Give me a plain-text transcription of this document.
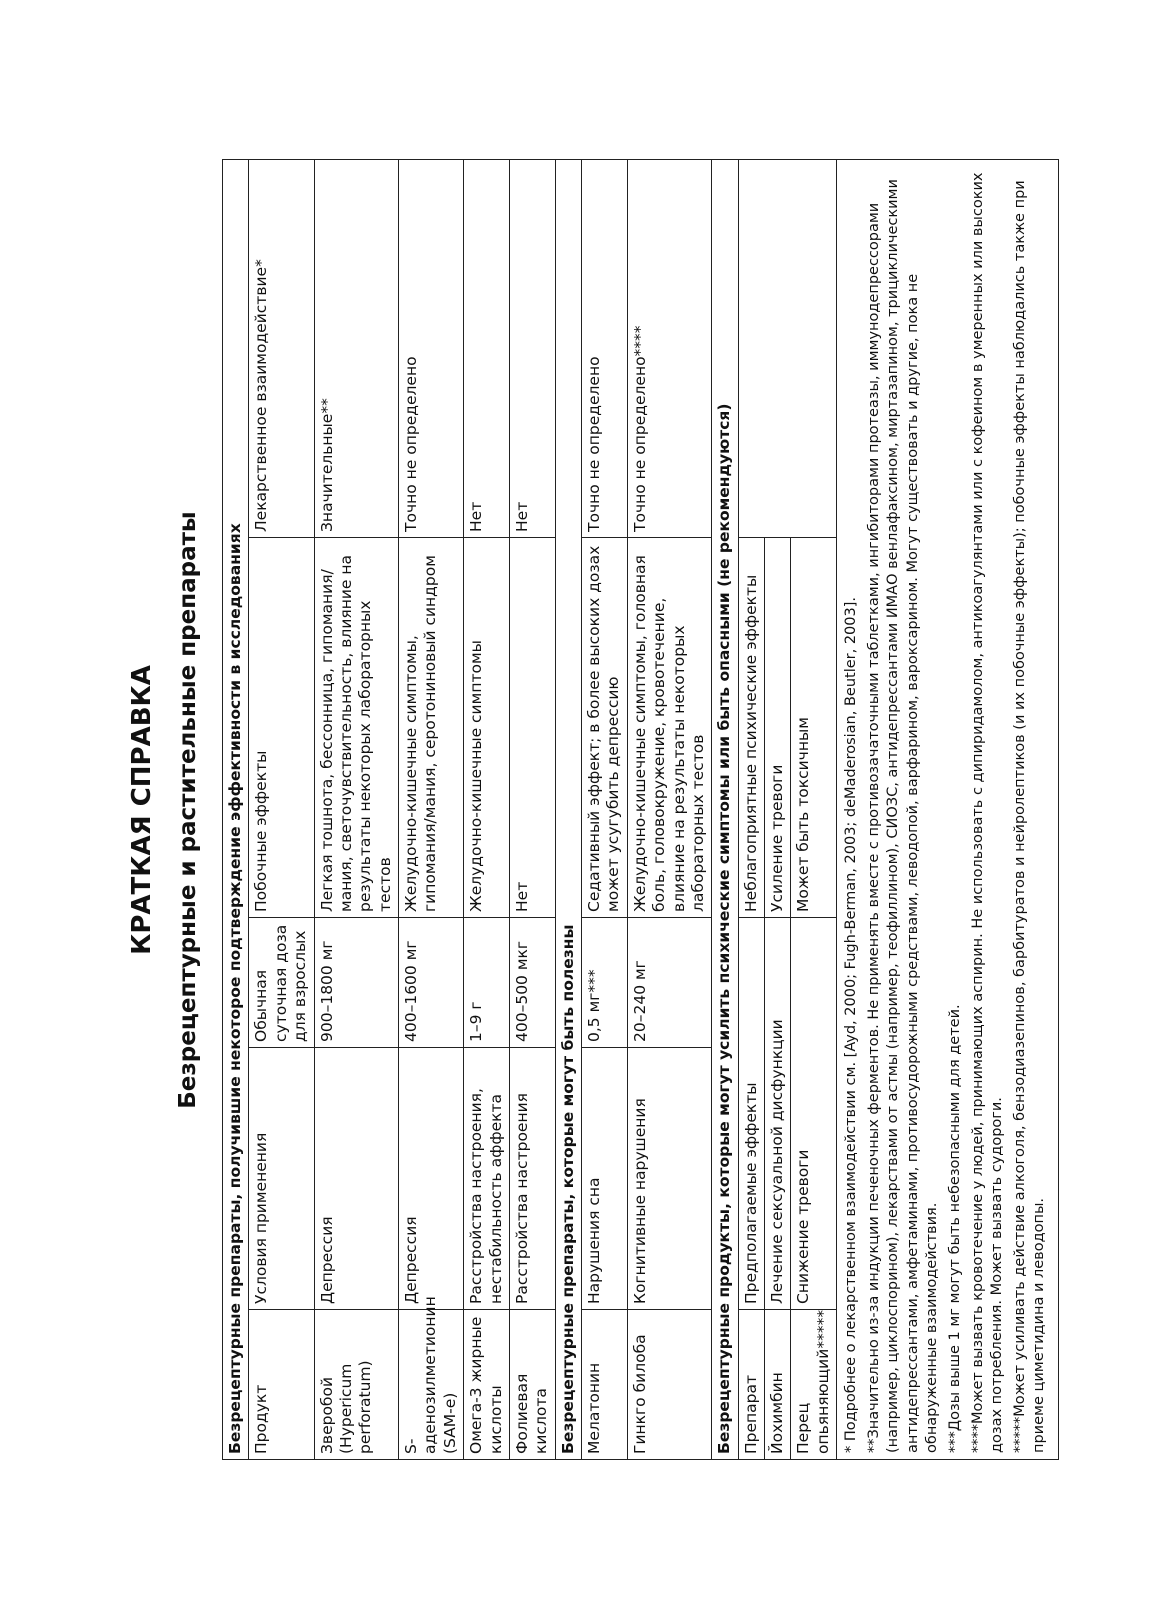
КРАТКАЯ СПРАВКА Безрецептурные и растительные препараты Безрецептурные препараты, получившие некоторое подтверждение эффективности в исследованиях				
Продукт	Условия применения	Обычная суточная доза для взрослых	Побочные эффекты	Лекарственное взаимодействие*
Зверобой (Hypericum perforatum)	Депрессия	900–1800 мг	Легкая тошнота, бессонница, гипомания/мания, светочувствительность, влияние на результаты некоторых лабораторных тестов	Значительные**
S-аденозилметионин (SAM-e)	Депрессия	400–1600 мг	Желудочно-кишечные симптомы, гипомания/мания, серотониновый синдром	Точно не определено
Омега-3 жирные кислоты	Расстройства настроения, нестабильность аффекта	1–9 г	Желудочно-кишечные симптомы	Нет
Фолиевая кислота	Расстройства настроения	400–500 мкг	Нет	Нет
Безрецептурные препараты, которые могут быть полезны				
Мелатонин	Нарушения сна	0,5 мг***	Седативный эффект; в более высоких дозах может усугубить депрессию	Точно не определено
Гинкго билоба	Когнитивные нарушения	20–240 мг	Желудочно-кишечные симптомы, головная боль, головокружение, кровотечение, влияние на результаты некоторых лабораторных тестов	Точно не определено****
Безрецептурные продукты, которые могут усилить психические симптомы или быть опасными (не рекомендуются)				
Препарат	Предполагаемые эффекты		Неблагоприятные психические эффекты	
Йохимбин	Лечение сексуальной дисфункции		Усиление тревоги	
Перец опьяняющий*****	Снижение тревоги		Может быть токсичным	

* Подробнее о лекарственном взаимодействии см. [Ayd, 2000; Fugh-Berman, 2003; deMaderosian, Beutler, 2003]. **Значительно из-за индукции печеночных ферментов. Не применять вместе с противозачаточными таблетками, ингибиторами протеазы, иммунодепрессорами (например, циклоспорином), лекарствами от астмы (например, теофиллином), СИОЗС, антидепрессантами ИМАО венлафаксином, миртазапином, трициклическими антидепрессантами, амфетаминами, противосудорожными средствами, леводопой, варфарином, вароксарином. Могут существовать и другие, пока не обнаруженные взаимодействия. ***Дозы выше 1 мг могут быть небезопасными для детей. ****Может вызвать кровотечение у людей, принимающих аспирин. Не использовать с дипиридамолом, антикоагулянтами или с кофеином в умеренных или высоких дозах потребления. Может вызвать судороги. *****Может усиливать действие алкоголя, бензодиазепинов, барбитуратов и нейролептиков (и их побочные эффекты); побочные эффекты наблюдались также при приеме циметидина и леводопы.				
